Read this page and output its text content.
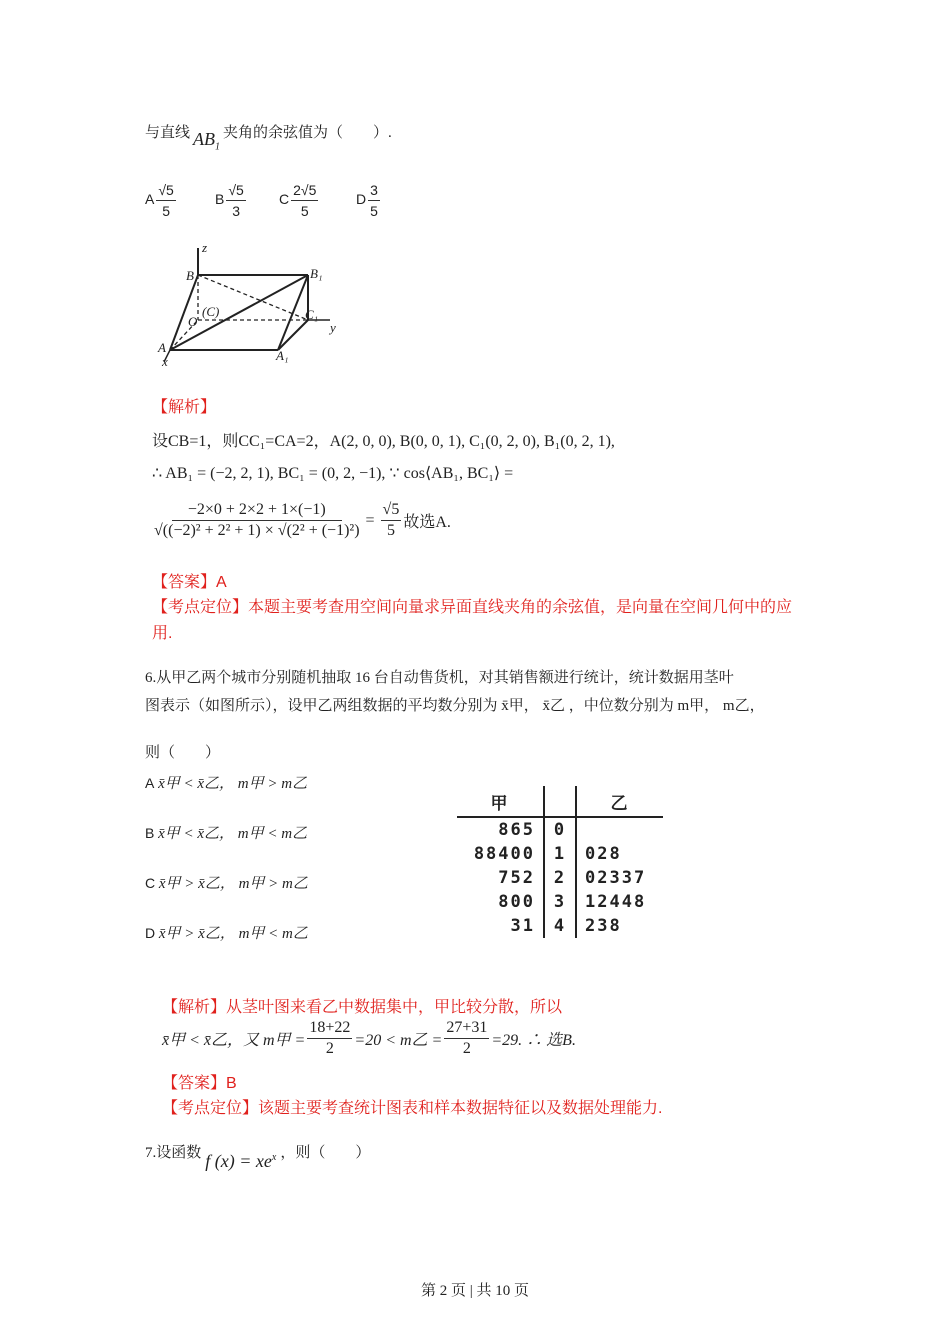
与直线 $AB_1$夹角的余弦值为（　　）.
A $\frac{√5}{5}$	B $\frac{√5}{3}$ C $\frac{2√5}{5}$	D $\frac{3}{5}$
z
B	B₁
(C)
O	C₁
y
A
x	A₁
【解析】
设CB=1，则CC₁=CA=2，A(2, 0, 0), B(0, 0, 1), C₁(0, 2, 0), B₁(0, 2, 1),
∴ AB₁ = (−2, 2, 1), BC₁ = (0, 2, −1), ∵ cos⟨AB₁, BC₁⟩ =
$\frac{-2\times 0 + 2\times 2 + 1\times(-1)}{\text{√((−2)² + 2² + 1) × √(2² + (−1)²)}} = \frac{√5}{5}$ 故选A.
【答案】A
【考点定位】本题主要考查用空间向量求异面直线夹角的余弦值，是向量在空间几何中的应
用.
6.从甲乙两个城市分别随机抽取 16 台自动售货机，对其销售额进行统计，统计数据用茎叶
图表示（如图所示），设甲乙两组数据的平均数分别为 x̄甲， x̄乙 ，中位数分别为 m甲， m乙，
则（　　）
A x̄甲 < x̄乙， m甲 > m乙
B x̄甲 < x̄乙， m甲 < m乙
C x̄甲 > x̄乙， m甲 > m乙
D x̄甲 > x̄乙， m甲 < m乙
甲		乙
865	0	
88400	1	028
752	2	02337
800	3	12448
31	4	238
【解析】从茎叶图来看乙中数据集中，甲比较分散，所以
x̄甲 < x̄乙，又 m甲 = $\frac{18+22}{2} =20 < m$乙 = $\frac{27+31}{2} =29$. ∴ 选B.
【答案】B
【考点定位】该题主要考查统计图表和样本数据特征以及数据处理能力.
7.设函数 f $(x) = xe^x$ ，则（　　）
第 2 页 | 共 10 页
